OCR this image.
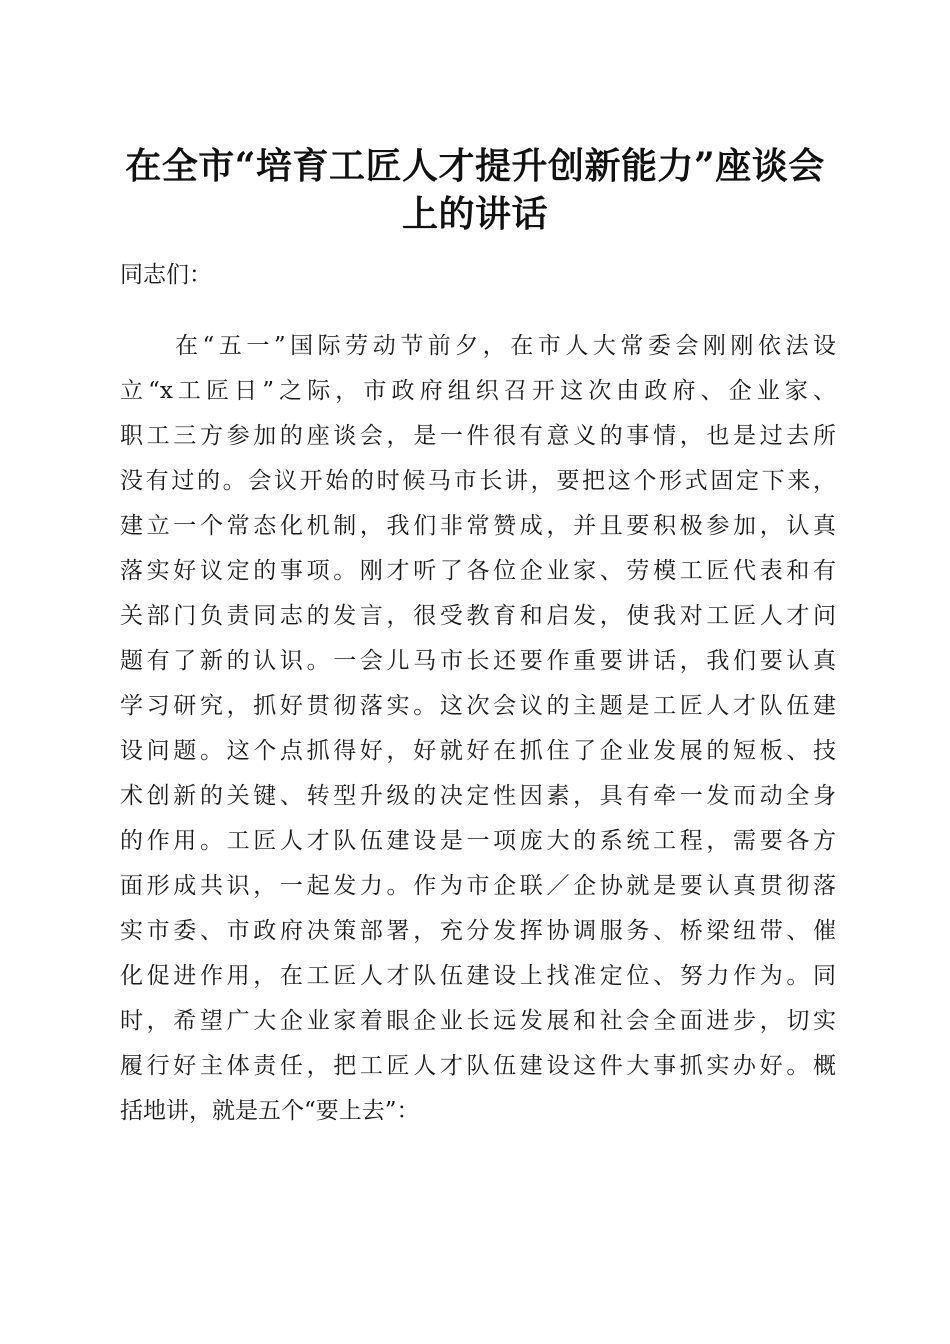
在全市“培育工匠人才提升创新能力”座谈会
上的讲话

同志们：

　　在“五一”国际劳动节前夕，在市人大常委会刚刚依法设

立“x工匠日”之际，市政府组织召开这次由政府、企业家、

职工三方参加的座谈会，是一件很有意义的事情，也是过去所

没有过的。会议开始的时候马市长讲，要把这个形式固定下来，

建立一个常态化机制，我们非常赞成，并且要积极参加，认真

落实好议定的事项。刚才听了各位企业家、劳模工匠代表和有

关部门负责同志的发言，很受教育和启发，使我对工匠人才问

题有了新的认识。一会儿马市长还要作重要讲话，我们要认真

学习研究，抓好贯彻落实。这次会议的主题是工匠人才队伍建

设问题。这个点抓得好，好就好在抓住了企业发展的短板、技

术创新的关键、转型升级的决定性因素，具有牵一发而动全身

的作用。工匠人才队伍建设是一项庞大的系统工程，需要各方

面形成共识，一起发力。作为市企联／企协就是要认真贯彻落

实市委、市政府决策部署，充分发挥协调服务、桥梁纽带、催

化促进作用，在工匠人才队伍建设上找准定位、努力作为。同

时，希望广大企业家着眼企业长远发展和社会全面进步，切实

履行好主体责任，把工匠人才队伍建设这件大事抓实办好。概

括地讲，就是五个“要上去”：
